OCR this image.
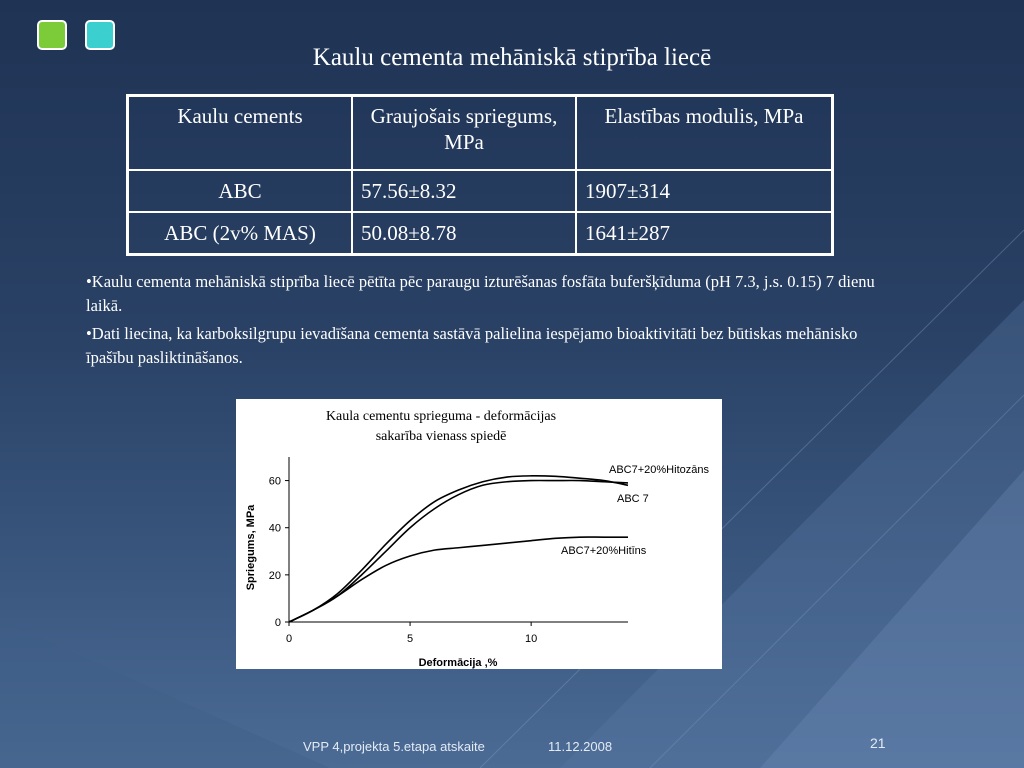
Kaulu cementa mehāniskā stiprība liecē
Kaulu cements	Graujošais spriegums, MPa	Elastības modulis, MPa
ABC	57.56±8.32	1907±314
ABC (2v% MAS)	50.08±8.78	1641±287

•Kaulu cementa mehāniskā stiprība liecē pētīta pēc paraugu izturēšanas fosfāta buferšķīduma (pH 7.3, j.s. 0.15) 7 dienu laikā.

•Dati liecina, ka karboksilgrupu ievadīšana cementa sastāvā palielina iespējamo bioaktivitāti bez būtiskas mehānisko īpašību pasliktināšanos.

Kaula cementu sprieguma - deformācijas
sakarība vienass spiedē
0
20
40
60
0	5	10
Deformācija ,%
Spriegums, MPa
ABC7+20%Hitozāns
ABC 7
ABC7+20%Hitīns
VPP 4,projekta 5.etapa atskaite	11.12.2008	21
